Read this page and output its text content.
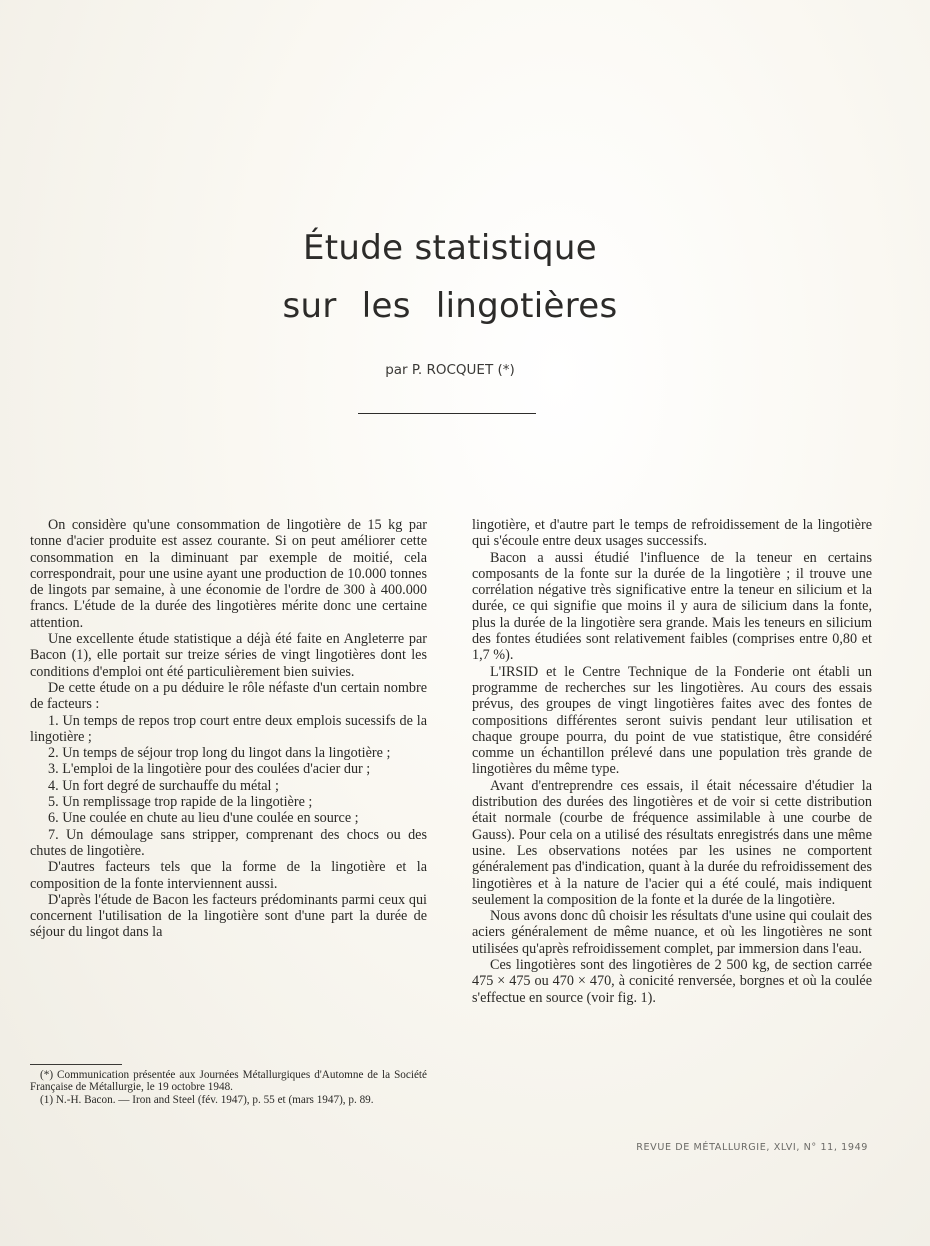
Étude statistique
sur les lingotières
par P. ROCQUET (*)

On considère qu'une consommation de lingotière de 15 kg par tonne d'acier produite est assez courante. Si on peut améliorer cette consommation en la diminuant par exemple de moitié, cela correspondrait, pour une usine ayant une production de 10.000 tonnes de lingots par semaine, à une économie de l'ordre de 300 à 400.000 francs. L'étude de la durée des lingotières mérite donc une certaine attention.

Une excellente étude statistique a déjà été faite en Angleterre par Bacon (1), elle portait sur treize séries de vingt lingotières dont les conditions d'emploi ont été particulièrement bien suivies.

De cette étude on a pu déduire le rôle néfaste d'un certain nombre de facteurs :

1. Un temps de repos trop court entre deux emplois sucessifs de la lingotière ;

2. Un temps de séjour trop long du lingot dans la lingotière ;

3. L'emploi de la lingotière pour des coulées d'acier dur ;

4. Un fort degré de surchauffe du métal ;

5. Un remplissage trop rapide de la lingotière ;

6. Une coulée en chute au lieu d'une coulée en source ;

7. Un démoulage sans stripper, comprenant des chocs ou des chutes de lingotière.

D'autres facteurs tels que la forme de la lingotière et la composition de la fonte interviennent aussi.

D'après l'étude de Bacon les facteurs prédominants parmi ceux qui concernent l'utilisation de la lingotière sont d'une part la durée de séjour du lingot dans la

lingotière, et d'autre part le temps de refroidissement de la lingotière qui s'écoule entre deux usages successifs.

Bacon a aussi étudié l'influence de la teneur en certains composants de la fonte sur la durée de la lingotière ; il trouve une corrélation négative très significative entre la teneur en silicium et la durée, ce qui signifie que moins il y aura de silicium dans la fonte, plus la durée de la lingotière sera grande. Mais les teneurs en silicium des fontes étudiées sont relativement faibles (comprises entre 0,80 et 1,7 %).

L'IRSID et le Centre Technique de la Fonderie ont établi un programme de recherches sur les lingotières. Au cours des essais prévus, des groupes de vingt lingotières faites avec des fontes de compositions différentes seront suivis pendant leur utilisation et chaque groupe pourra, du point de vue statistique, être considéré comme un échantillon prélevé dans une population très grande de lingotières du même type.

Avant d'entreprendre ces essais, il était nécessaire d'étudier la distribution des durées des lingotières et de voir si cette distribution était normale (courbe de fréquence assimilable à une courbe de Gauss). Pour cela on a utilisé des résultats enregistrés dans une même usine. Les observations notées par les usines ne comportent généralement pas d'indication, quant à la durée du refroidissement des lingotières et à la nature de l'acier qui a été coulé, mais indiquent seulement la composition de la fonte et la durée de la lingotière.

Nous avons donc dû choisir les résultats d'une usine qui coulait des aciers généralement de même nuance, et où les lingotières ne sont utilisées qu'après refroidissement complet, par immersion dans l'eau.

Ces lingotières sont des lingotières de 2 500 kg, de section carrée 475 × 475 ou 470 × 470, à conicité renversée, borgnes et où la coulée s'effectue en source (voir fig. 1).

(*) Communication présentée aux Journées Métallurgiques d'Automne de la Société Française de Métallurgie, le 19 octobre 1948.

(1) N.-H. Bacon. — Iron and Steel (fév. 1947), p. 55 et (mars 1947), p. 89.

REVUE DE MÉTALLURGIE, XLVI, N° 11, 1949
